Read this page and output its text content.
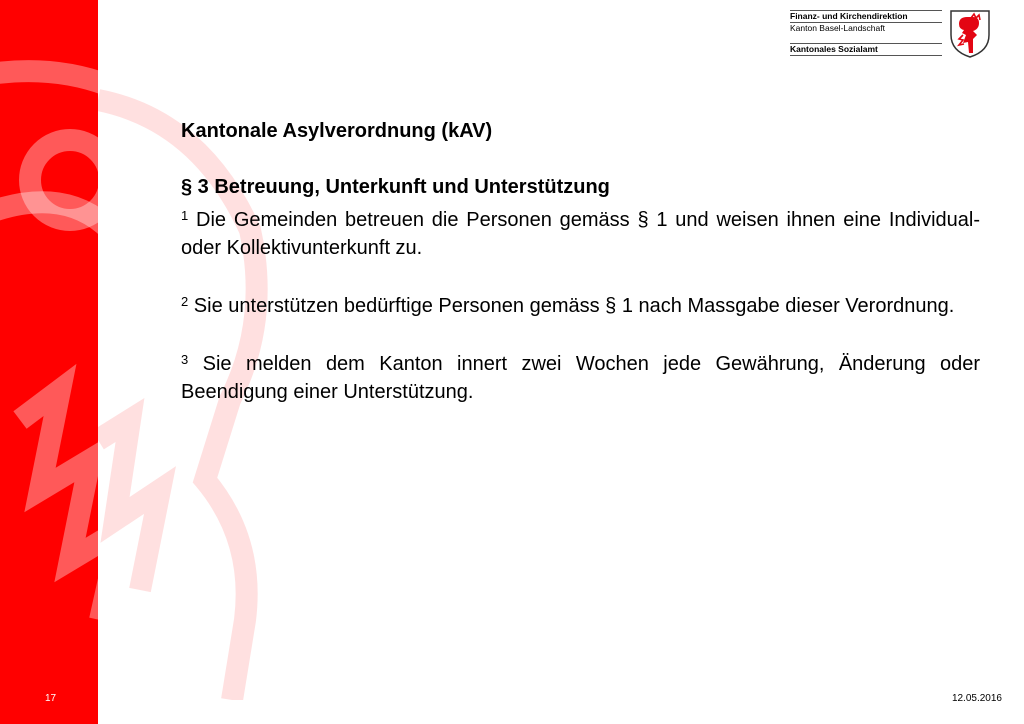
Finanz- und Kirchendirektion
Kanton Basel-Landschaft
Kantonales Sozialamt
Kantonale Asylverordnung (kAV)
§ 3 Betreuung, Unterkunft und Unterstützung
$^1$ Die Gemeinden betreuen die Personen gemäss § 1 und weisen ihnen eine Individual- oder Kollektivunterkunft zu.
$^2$ Sie unterstützen bedürftige Personen gemäss § 1 nach Massgabe dieser Verordnung.
$^3$ Sie melden dem Kanton innert zwei Wochen jede Gewährung, Änderung oder Beendigung einer Unterstützung.
17	12.05.2016
